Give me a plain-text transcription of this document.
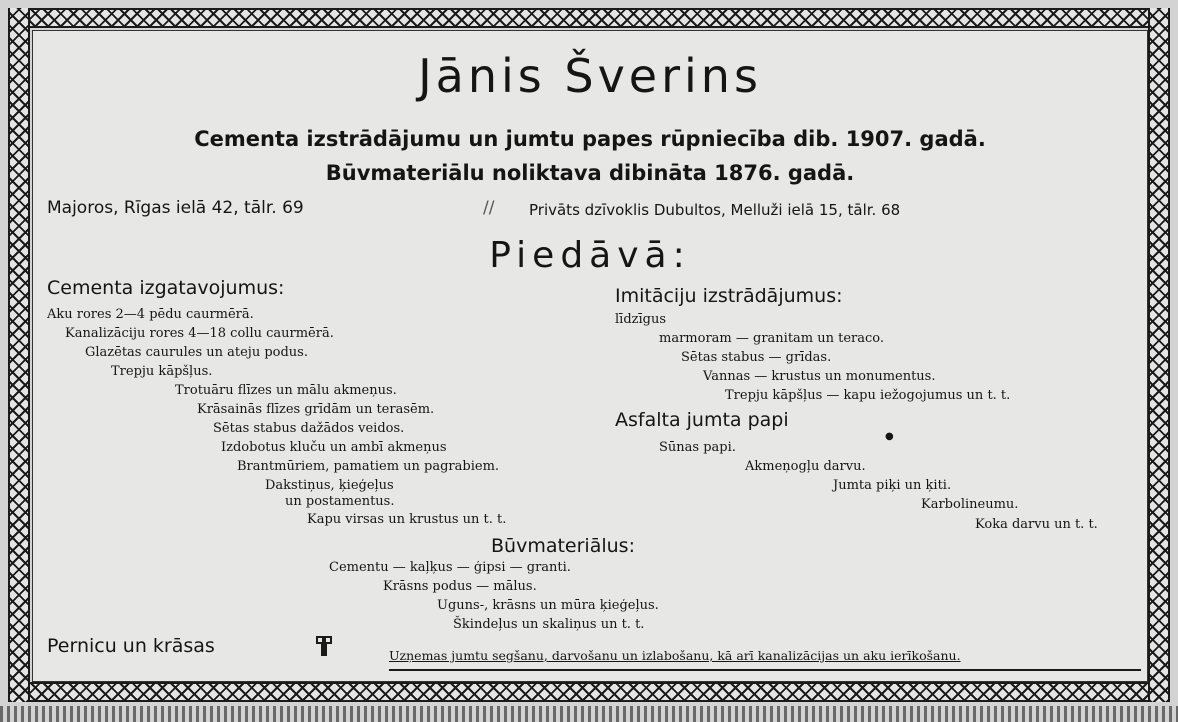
Jānis Šverins
Cementa izstrādājumu un jumtu papes rūpniecība dib. 1907. gadā.
Būvmateriālu noliktava dibināta 1876. gadā.
Majoros, Rīgas ielā 42, tālr. 69	// Privāts dzīvoklis Dubultos, Melluži ielā 15, tālr. 68
Piedāvā:
Cementa izgatavojumus:
Aku rores 2—4 pēdu caurmērā.
Kanalizāciju rores 4—18 collu caurmērā.
Glazētas caurules un ateju podus.
Trepju kāpšļus.
Trotuāru flīzes un mālu akmeņus.
Krāsainās flīzes grīdām un terasēm.
Sētas stabus dažādos veidos.
Izdobotus kluču un ambī akmeņus
Brantmūriem, pamatiem un pagrabiem.
Dakstiņus, ķieģeļus
un postamentus.
Kapu virsas un krustus un t. t.
Imitāciju izstrādājumus:
līdzīgus
marmoram — granitam un teraco.
Sētas stabus — grīdas.
Vannas — krustus un monumentus.
Trepju kāpšļus — kapu iežogojumus un t. t.
Asfalta jumta papi
●
Sūnas papi.
Akmeņogļu darvu.
Jumta piķi un ķiti.
Karbolineumu.
Koka darvu un t. t.
Būvmateriālus:
Cementu — kaļķus — ģipsi — granti.
Krāsns podus — mālus.
Uguns-, krāsns un mūra ķieģeļus.
Škindeļus un skaliņus un t. t.
Pernicu un krāsas	Uzņemas jumtu segšanu, darvošanu un izlabošanu, kā arī kanalizācijas un aku ierīkošanu.
